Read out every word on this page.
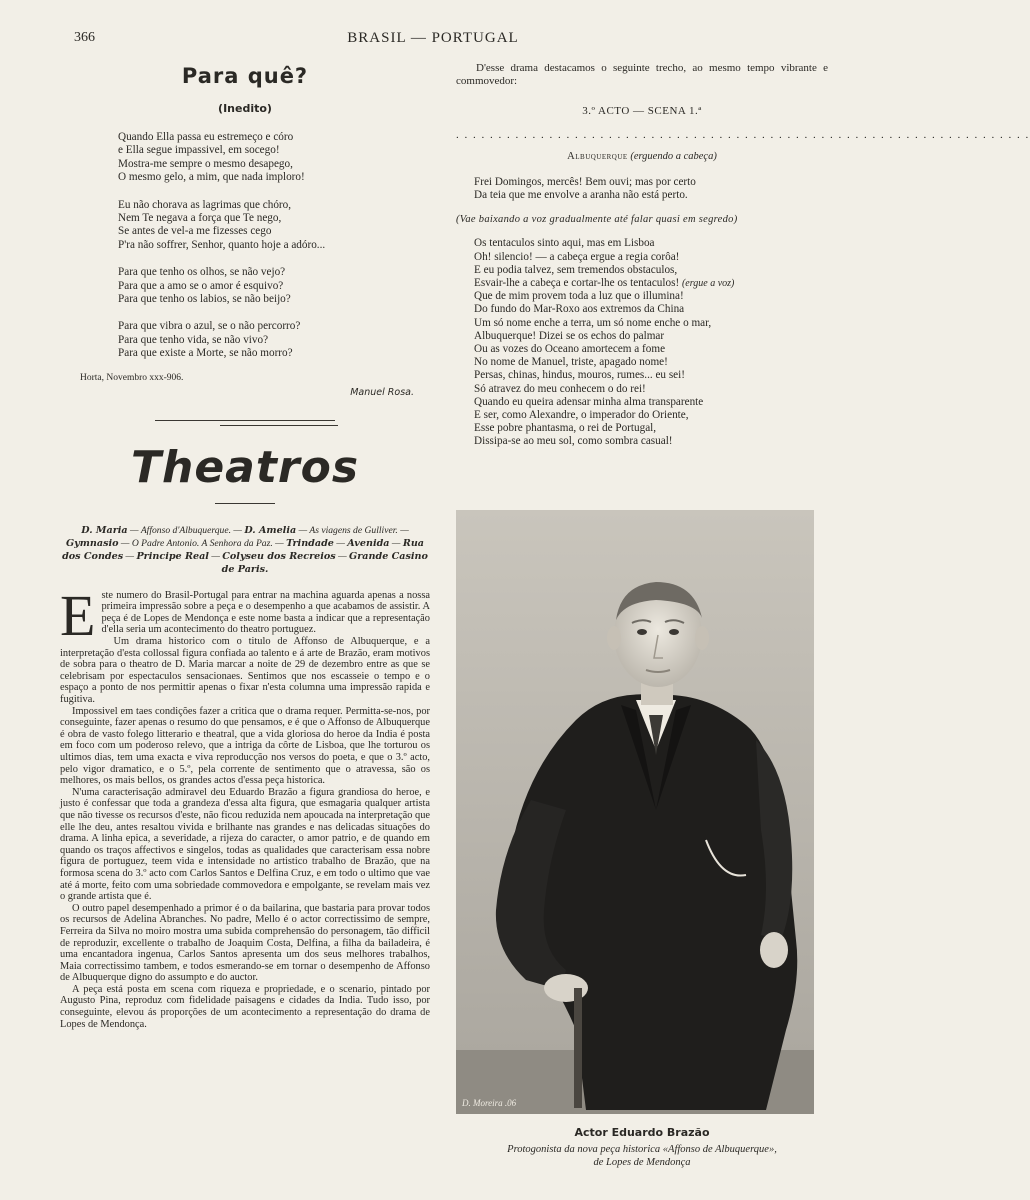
366	BRASIL — PORTUGAL
Para quê?
(Inedito)
Quando Ella passa eu estremeço e córo
e Ella segue impassivel, em socego!
Mostra-me sempre o mesmo desapego,
O mesmo gelo, a mim, que nada imploro!
Eu não chorava as lagrimas que chóro,
Nem Te negava a força que Te nego,
Se antes de vel-a me fizesses cego
P'ra não soffrer, Senhor, quanto hoje a adóro...
Para que tenho os olhos, se não vejo?
Para que a amo se o amor é esquivo?
Para que tenho os labios, se não beijo?
Para que vibra o azul, se o não percorro?
Para que tenho vida, se não vivo?
Para que existe a Morte, se não morro?
Horta, Novembro xxx-906.
Manuel Rosa.
Theatros
D. Maria — Affonso d'Albuquerque. — D. Amelia — As viagens de Gulliver. — Gymnasio — O Padre Antonio. A Senhora da Paz. — Trindade — Avenida — Rua dos Condes — Principe Real — Colyseu dos Recreios — Grande Casino de Paris.

Este numero do Brasil-Portugal para entrar na machina aguarda apenas a nossa primeira impressão sobre a peça e o desempenho a que acabamos de assistir. A peça é de Lopes de Mendonça e este nome basta a indicar que a representação d'ella seria um acontecimento do theatro portuguez.

Um drama historico com o titulo de Affonso de Albuquerque, e a interpretação d'esta collossal figura confiada ao talento e á arte de Brazão, eram motivos de sobra para o theatro de D. Maria marcar a noite de 29 de dezembro entre as que se celebrisam por espectaculos sensacionaes. Sentimos que nos escasseie o tempo e o espaço a ponto de nos permittir apenas o fixar n'esta columna uma impressão rapida e fugitiva.

Impossivel em taes condições fazer a critica que o drama requer. Permitta-se-nos, por conseguinte, fazer apenas o resumo do que pensamos, e é que o Affonso de Albuquerque é obra de vasto folego litterario e theatral, que a vida gloriosa do heroe da India é posta em foco com um poderoso relevo, que a intriga da côrte de Lisboa, que lhe torturou os ultimos dias, tem uma exacta e viva reproducção nos versos do poeta, e que o 3.º acto, pelo vigor dramatico, e o 5.º, pela corrente de sentimento que o atravessa, são os melhores, os mais bellos, os grandes actos d'essa peça historica.

N'uma caracterisação admiravel deu Eduardo Brazão a figura grandiosa do heroe, e justo é confessar que toda a grandeza d'essa alta figura, que esmagaria qualquer artista que não tivesse os recursos d'este, não ficou reduzida nem apoucada na interpretação que elle lhe deu, antes resaltou vivida e brilhante nas grandes e nas delicadas situações do drama. A linha epica, a severidade, a rijeza do caracter, o amor patrio, e de quando em quando os traços affectivos e singelos, todas as qualidades que caracterisam essa nobre figura de portuguez, teem vida e intensidade no artistico trabalho de Brazão, que na formosa scena do 3.º acto com Carlos Santos e Delfina Cruz, e em todo o ultimo que vae até á morte, feito com uma sobriedade commovedora e empolgante, se revelam mais vez o grande artista que é.

O outro papel desempenhado a primor é o da bailarina, que bastaria para provar todos os recursos de Adelina Abranches. No padre, Mello é o actor correctissimo de sempre, Ferreira da Silva no moiro mostra uma subida comprehensão do personagem, tão difficil de reproduzir, excellente o trabalho de Joaquim Costa, Delfina, a filha da bailadeira, é uma encantadora ingenua, Carlos Santos apresenta um dos seus melhores trabalhos, Maia correctissimo tambem, e todos esmerando-se em tornar o desempenho de Affonso de Albuquerque digno do assumpto e do auctor.

A peça está posta em scena com riqueza e propriedade, e o scenario, pintado por Augusto Pina, reproduz com fidelidade paisagens e cidades da India. Tudo isso, por conseguinte, elevou ás proporções de um acontecimento a representação do drama de Lopes de Mendonça.

D'esse drama destacamos o seguinte trecho, ao mesmo tempo vibrante e commovedor:

3.º ACTO — SCENA 1.ª
. . . . . . . . . . . . . . . . . . . . . . . . . . . . . . . . . . . . . . . . . . . . . . . . . . . . . . . . . . . . . . . . . . . .
Albuquerque (erguendo a cabeça)
Frei Domingos, mercês! Bem ouvi; mas por certo
Da teia que me envolve a aranha não está perto.
(Vae baixando a voz gradualmente até falar quasi em segredo)
Os tentaculos sinto aqui, mas em Lisboa
Oh! silencio! — a cabeça ergue a regia corôa!
E eu podia talvez, sem tremendos obstaculos,
Esvair-lhe a cabeça e cortar-lhe os tentaculos! (ergue a voz)
Que de mim provem toda a luz que o illumina!
Do fundo do Mar-Roxo aos extremos da China
Um só nome enche a terra, um só nome enche o mar,
Albuquerque! Dizei se os echos do palmar
Ou as vozes do Oceano amortecem a fome
No nome de Manuel, triste, apagado nome!
Persas, chinas, hindus, mouros, rumes... eu sei!
Só atravez do meu conhecem o do rei!
Quando eu queira adensar minha alma transparente
E ser, como Alexandre, o imperador do Oriente,
Esse pobre phantasma, o rei de Portugal,
Dissipa-se ao meu sol, como sombra casual!
D. Moreira .06
Actor Eduardo Brazão
Protogonista da nova peça historica «Affonso de Albuquerque»,
de Lopes de Mendonça
